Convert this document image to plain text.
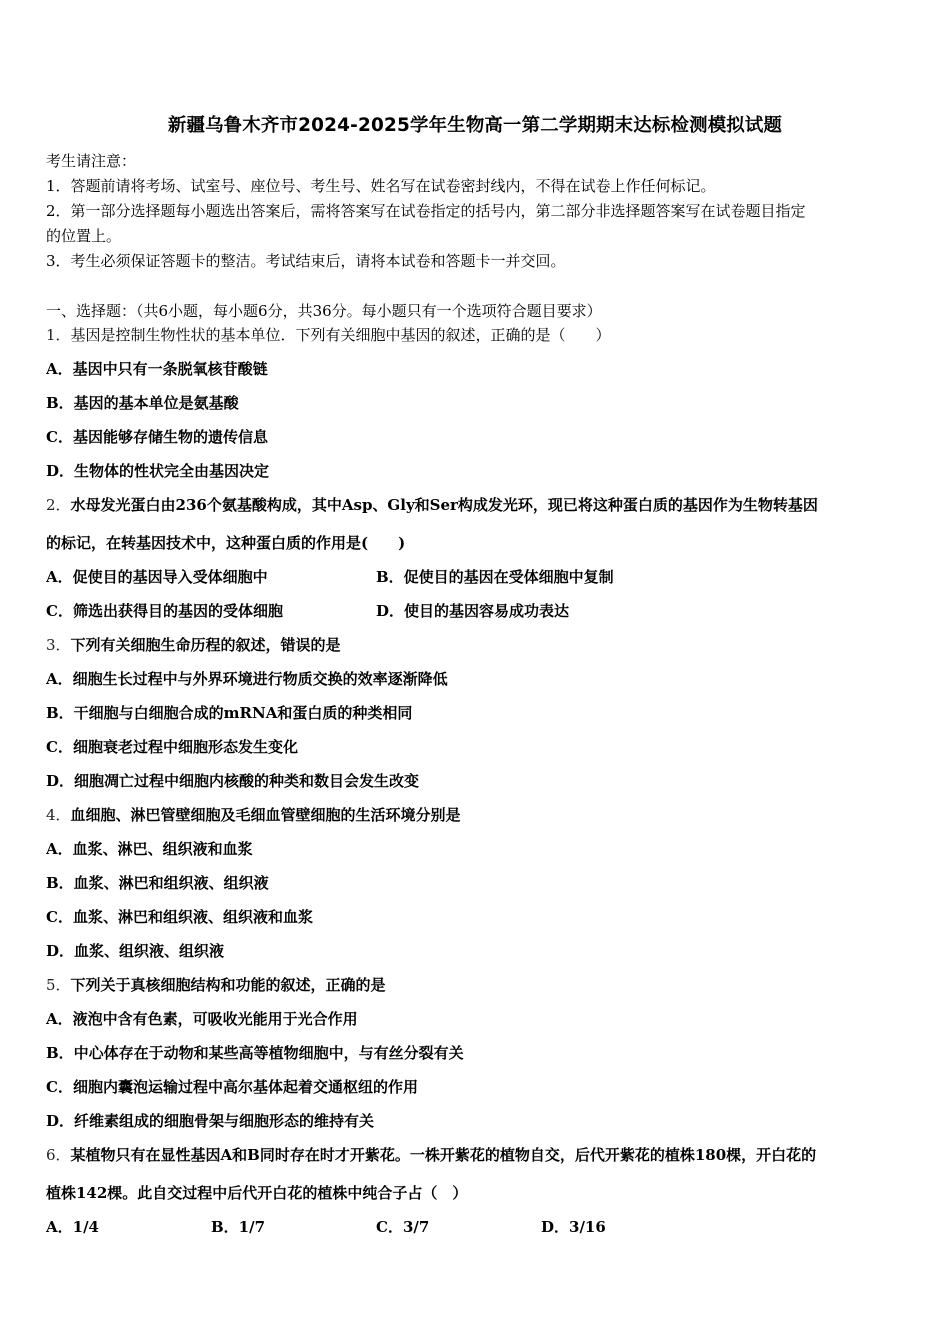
新疆乌鲁木齐市2024-2025学年生物高一第二学期期末达标检测模拟试题
考生请注意：
1．答题前请将考场、试室号、座位号、考生号、姓名写在试卷密封线内，不得在试卷上作任何标记。
2．第一部分选择题每小题选出答案后，需将答案写在试卷指定的括号内，第二部分非选择题答案写在试卷题目指定
的位置上。
3．考生必须保证答题卡的整洁。考试结束后，请将本试卷和答题卡一并交回。
一、选择题：（共6小题，每小题6分，共36分。每小题只有一个选项符合题目要求）
1．基因是控制生物性状的基本单位．下列有关细胞中基因的叙述，正确的是（　　）
A．基因中只有一条脱氧核苷酸链
B．基因的基本单位是氨基酸
C．基因能够存储生物的遗传信息
D．生物体的性状完全由基因决定
2．水母发光蛋白由236个氨基酸构成，其中Asp、Gly和Ser构成发光环，现已将这种蛋白质的基因作为生物转基因
的标记，在转基因技术中，这种蛋白质的作用是(　　)
A．促使目的基因导入受体细胞中	B．促使目的基因在受体细胞中复制
C．筛选出获得目的基因的受体细胞	D．使目的基因容易成功表达
3．下列有关细胞生命历程的叙述，错误的是
A．细胞生长过程中与外界环境进行物质交换的效率逐渐降低
B．干细胞与白细胞合成的mRNA和蛋白质的种类相同
C．细胞衰老过程中细胞形态发生变化
D．细胞凋亡过程中细胞内核酸的种类和数目会发生改变
4．血细胞、淋巴管壁细胞及毛细血管壁细胞的生活环境分别是
A．血浆、淋巴、组织液和血浆
B．血浆、淋巴和组织液、组织液
C．血浆、淋巴和组织液、组织液和血浆
D．血浆、组织液、组织液
5．下列关于真核细胞结构和功能的叙述，正确的是
A．液泡中含有色素，可吸收光能用于光合作用
B．中心体存在于动物和某些高等植物细胞中，与有丝分裂有关
C．细胞内囊泡运输过程中高尔基体起着交通枢纽的作用
D．纤维素组成的细胞骨架与细胞形态的维持有关
6．某植物只有在显性基因A和B同时存在时才开紫花。一株开紫花的植物自交，后代开紫花的植株180棵，开白花的
植株142棵。此自交过程中后代开白花的植株中纯合子占（　）
A．1/4	B．1/7	C．3/7	D．3/16
